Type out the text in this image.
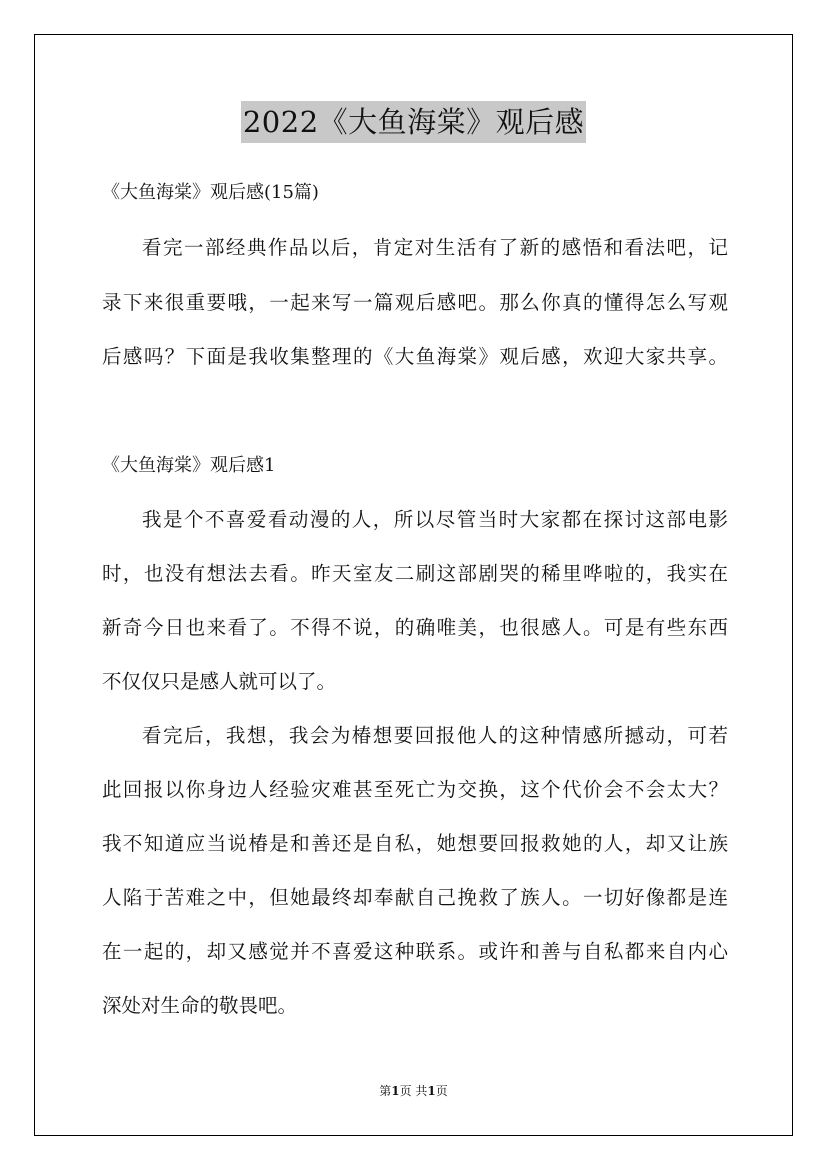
2022《大鱼海棠》观后感
《大鱼海棠》观后感(15篇)
看完一部经典作品以后，肯定对生活有了新的感悟和看法吧，记
录下来很重要哦，一起来写一篇观后感吧。那么你真的懂得怎么写观
后感吗？下面是我收集整理的《大鱼海棠》观后感，欢迎大家共享。
《大鱼海棠》观后感1
我是个不喜爱看动漫的人，所以尽管当时大家都在探讨这部电影
时，也没有想法去看。昨天室友二刷这部剧哭的稀里哗啦的，我实在
新奇今日也来看了。不得不说，的确唯美，也很感人。可是有些东西
不仅仅只是感人就可以了。
看完后，我想，我会为椿想要回报他人的这种情感所撼动，可若
此回报以你身边人经验灾难甚至死亡为交换，这个代价会不会太大？
我不知道应当说椿是和善还是自私，她想要回报救她的人，却又让族
人陷于苦难之中，但她最终却奉献自己挽救了族人。一切好像都是连
在一起的，却又感觉并不喜爱这种联系。或许和善与自私都来自内心
深处对生命的敬畏吧。
第1页 共1页
